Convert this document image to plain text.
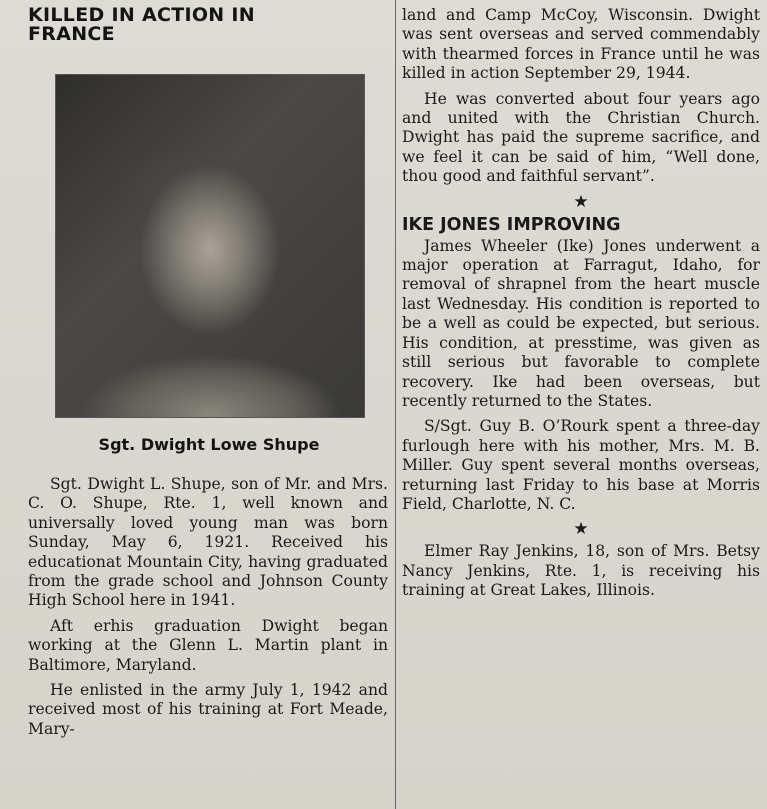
KILLED IN ACTION IN
FRANCE
Sgt. Dwight Lowe Shupe
Sgt. Dwight L. Shupe, son of Mr. and Mrs. C. O. Shupe, Rte. 1, well known and universally loved young man was born Sunday, May 6, 1921. Received his educationat Mountain City, having graduated from the grade school and Johnson County High School here in 1941.
Aft erhis graduation Dwight began working at the Glenn L. Martin plant in Baltimore, Maryland.
He enlisted in the army July 1, 1942 and received most of his training at Fort Meade, Mary-
land and Camp McCoy, Wisconsin. Dwight was sent overseas and served commendably with thearmed forces in France until he was killed in action September 29, 1944.
He was converted about four years ago and united with the Christian Church. Dwight has paid the supreme sacrifice, and we feel it can be said of him, “Well done, thou good and faithful servant”.
★
IKE JONES IMPROVING
James Wheeler (Ike) Jones underwent a major operation at Farragut, Idaho, for removal of shrapnel from the heart muscle last Wednesday. His condition is reported to be a well as could be expected, but serious. His condition, at presstime, was given as still serious but favorable to complete recovery. Ike had been overseas, but recently returned to the States.
S/Sgt. Guy B. O’Rourk spent a three-day furlough here with his mother, Mrs. M. B. Miller. Guy spent several months overseas, returning last Friday to his base at Morris Field, Charlotte, N. C.
★
Elmer Ray Jenkins, 18, son of Mrs. Betsy Nancy Jenkins, Rte. 1, is receiving his training at Great Lakes, Illinois.
